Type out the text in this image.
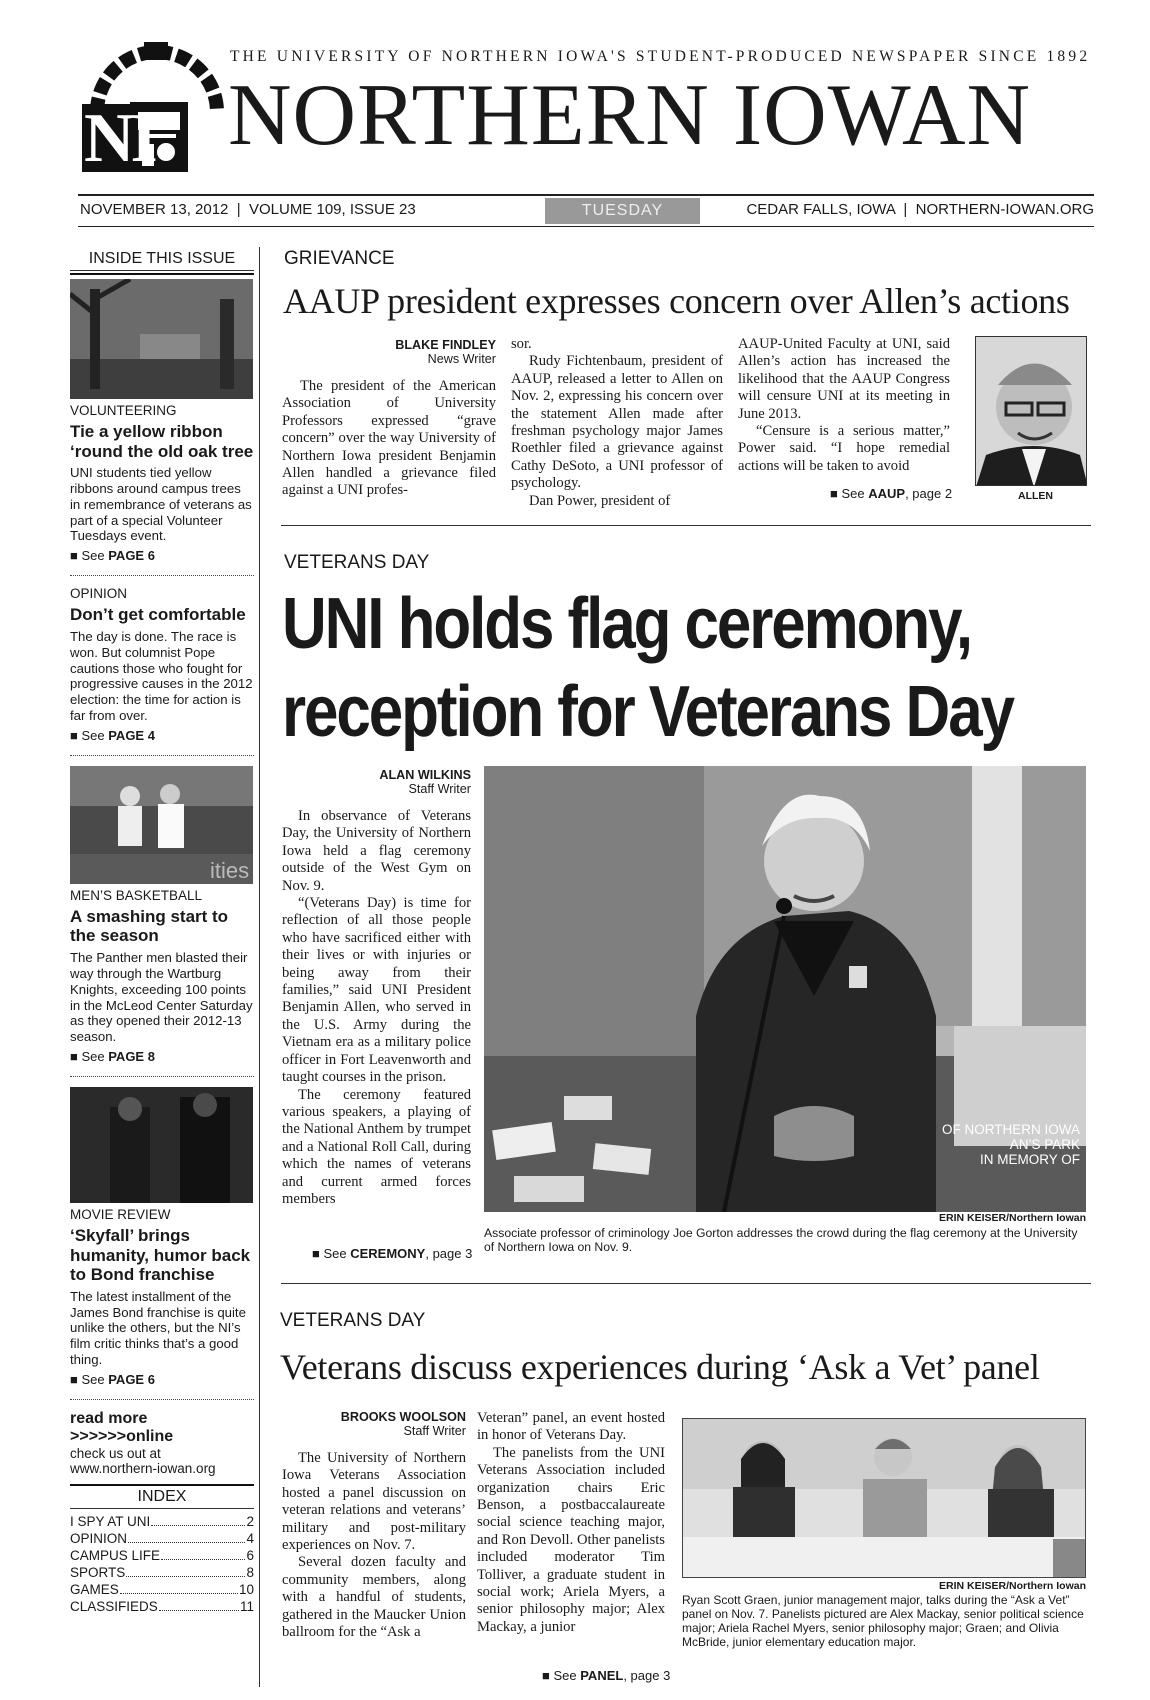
THE UNIVERSITY OF NORTHERN IOWA'S STUDENT-PRODUCED NEWSPAPER SINCE 1892
NI NORTHERN IOWAN
NOVEMBER 13, 2012  |  VOLUME 109, ISSUE 23	TUESDAY	CEDAR FALLS, IOWA  |  NORTHERN-IOWAN.ORG
INSIDE THIS ISSUE
VOLUNTEERING
Tie a yellow ribbon ‘round the old oak tree
UNI students tied yellow ribbons around campus trees in remembrance of veterans as part of a special Volunteer Tuesdays event.
■ See PAGE 6
OPINION
Don’t get comfortable
The day is done. The race is won. But columnist Pope cautions those who fought for progressive causes in the 2012 election: the time for action is far from over.
■ See PAGE 4
ities
MEN’S BASKETBALL
A smashing start to the season
The Panther men blasted their way through the Wartburg Knights, exceeding 100 points in the McLeod Center Saturday as they opened their 2012-13 season.
■ See PAGE 8
MOVIE REVIEW
‘Skyfall’ brings humanity, humor back to Bond franchise
The latest installment of the James Bond franchise is quite unlike the others, but the NI’s film critic thinks that’s a good thing.
■ See PAGE 6
read more
>>>>>>online
check us out at
www.northern-iowan.org
INDEX
I SPY AT UNI	2
OPINION	4
CAMPUS LIFE	6
SPORTS	8
GAMES	10
CLASSIFIEDS	11
GRIEVANCE
AAUP president expresses concern over Allen’s actions
BLAKE FINDLEY
News Writer
The president of the American Association of University Professors expressed “grave concern” over the way University of Northern Iowa president Benjamin Allen handled a grievance filed against a UNI profes-
sor.
Rudy Fichtenbaum, president of AAUP, released a letter to Allen on Nov. 2, expressing his concern over the statement Allen made after freshman psychology major James Roethler filed a grievance against Cathy DeSoto, a UNI professor of psychology.
Dan Power, president of
AAUP-United Faculty at UNI, said Allen’s action has increased the likelihood that the AAUP Congress will censure UNI at its meeting in June 2013.
“Censure is a serious matter,” Power said. “I hope remedial actions will be taken to avoid
■ See AAUP, page 2	ALLEN
VETERANS DAY
UNI holds flag ceremony,
reception for Veterans Day
ALAN WILKINS
Staff Writer
In observance of Veterans Day, the University of Northern Iowa held a flag ceremony outside of the West Gym on Nov. 9.
“(Veterans Day) is time for reflection of all those people who have sacrificed either with their lives or with injuries or being away from their families,” said UNI President Benjamin Allen, who served in the U.S. Army during the Vietnam era as a military police officer in Fort Leavenworth and taught courses in the prison.
The ceremony featured various speakers, a playing of the National Anthem by trumpet and a National Roll Call, during which the names of veterans and current armed forces members
■ See CEREMONY, page 3
OF NORTHERN IOWA
AN’S PARK
IN MEMORY OF
ERIN KEISER/Northern Iowan
Associate professor of criminology Joe Gorton addresses the crowd during the flag ceremony at the University of Northern Iowa on Nov. 9.
VETERANS DAY
Veterans discuss experiences during ‘Ask a Vet’ panel
BROOKS WOOLSON
Staff Writer
The University of Northern Iowa Veterans Association hosted a panel discussion on veteran relations and veterans’ military and post-military experiences on Nov. 7.
Several dozen faculty and community members, along with a handful of students, gathered in the Maucker Union ballroom for the “Ask a
Veteran” panel, an event hosted in honor of Veterans Day.
The panelists from the UNI Veterans Association included organization chairs Eric Benson, a postbaccalaureate social science teaching major, and Ron Devoll. Other panelists included moderator Tim Tolliver, a graduate student in social work; Ariela Myers, a senior philosophy major; Alex Mackay, a junior
■ See PANEL, page 3
ERIN KEISER/Northern Iowan
Ryan Scott Graen, junior management major, talks during the “Ask a Vet” panel on Nov. 7. Panelists pictured are Alex Mackay, senior political science major; Ariela Rachel Myers, senior philosophy major; Graen; and Olivia McBride, junior elementary education major.
